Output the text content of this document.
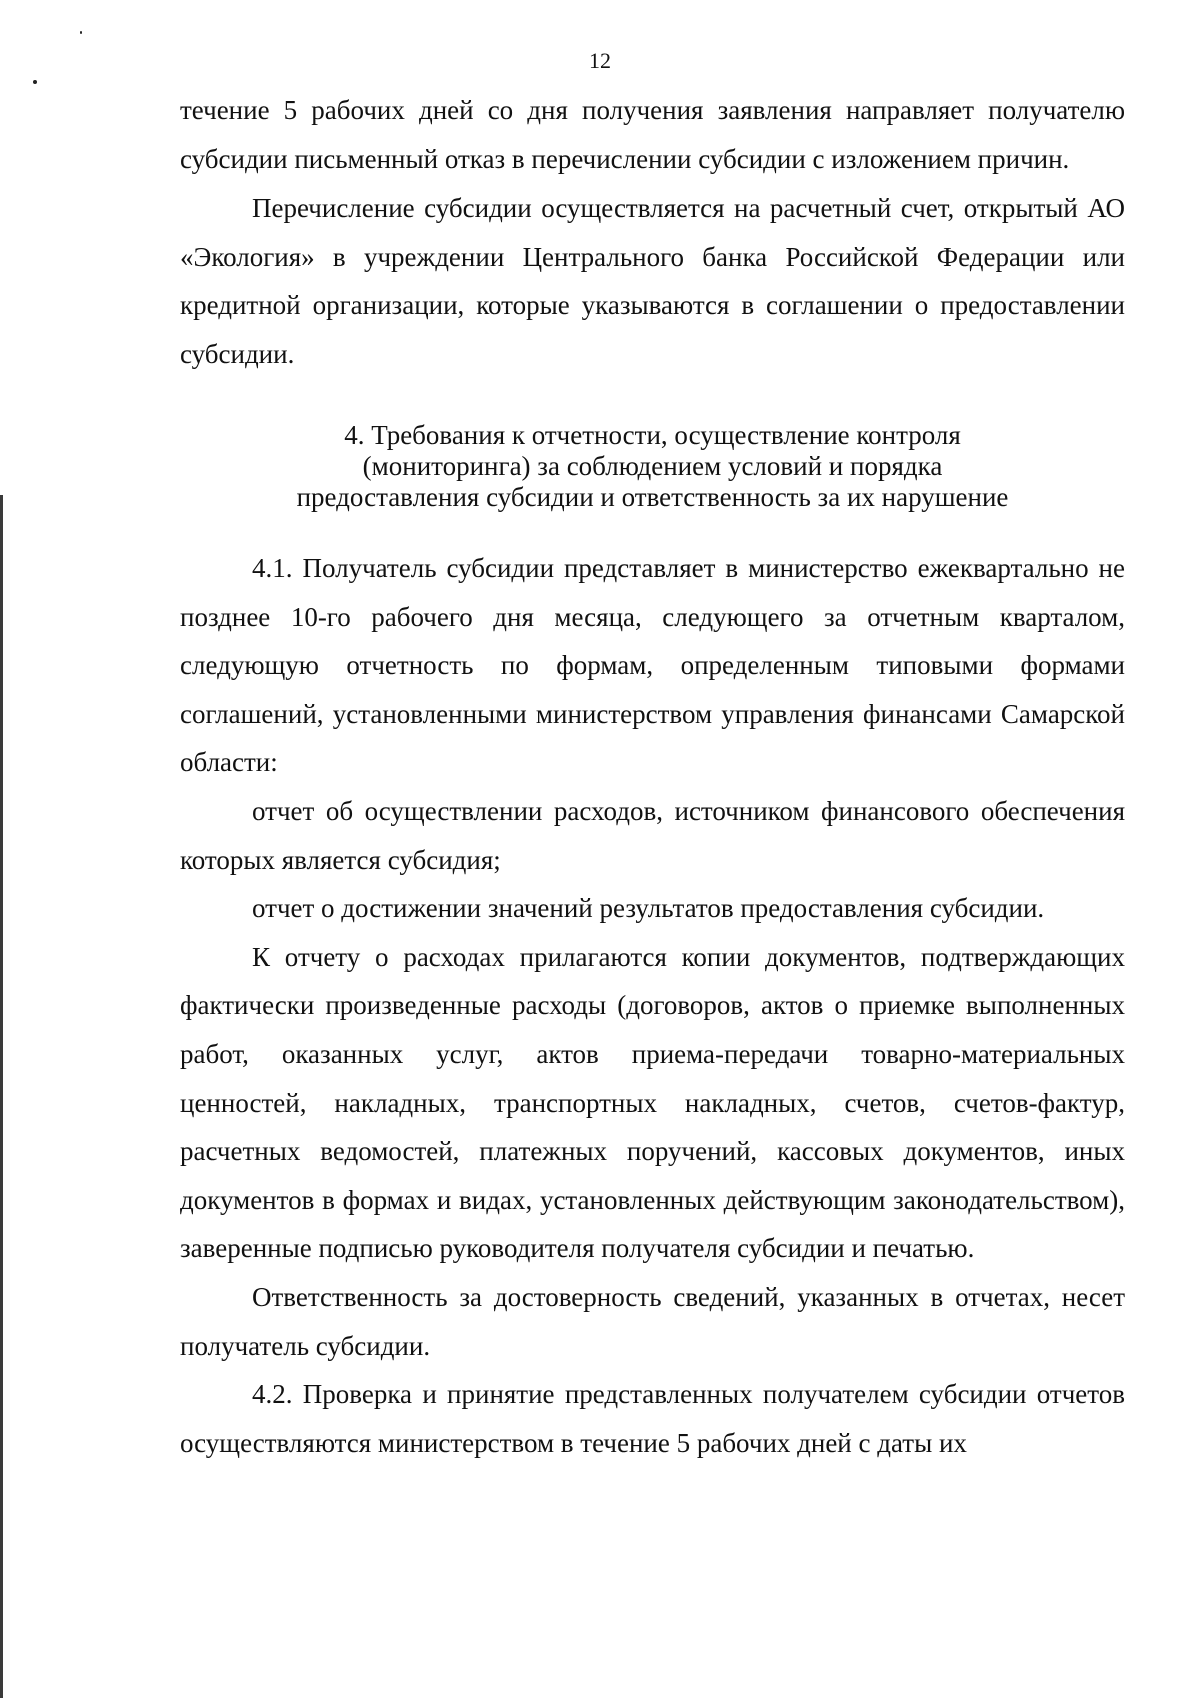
12

течение 5 рабочих дней со дня получения заявления направляет получателю субсидии письменный отказ в перечислении субсидии с изложением причин.

Перечисление субсидии осуществляется на расчетный счет, открытый АО «Экология» в учреждении Центрального банка Российской Федерации или кредитной организации, которые указываются в соглашении о предоставлении субсидии.

4. Требования к отчетности, осуществление контроля
(мониторинга) за соблюдением условий и порядка
предоставления субсидии и ответственность за их нарушение

4.1. Получатель субсидии представляет в министерство ежеквартально не позднее 10-го рабочего дня месяца, следующего за отчетным кварталом, следующую отчетность по формам, определенным типовыми формами соглашений, установленными министерством управления финансами Самарской области:

отчет об осуществлении расходов, источником финансового обеспечения которых является субсидия;

отчет о достижении значений результатов предоставления субсидии.

К отчету о расходах прилагаются копии документов, подтверждающих фактически произведенные расходы (договоров, актов о приемке выполненных работ, оказанных услуг, актов приема-передачи товарно-материальных ценностей, накладных, транспортных накладных, счетов, счетов-фактур, расчетных ведомостей, платежных поручений, кассовых документов, иных документов в формах и видах, установленных действующим законодательством), заверенные подписью руководителя получателя субсидии и печатью.

Ответственность за достоверность сведений, указанных в отчетах, несет получатель субсидии.

4.2. Проверка и принятие представленных получателем субсидии отчетов осуществляются министерством в течение 5 рабочих дней с даты их
